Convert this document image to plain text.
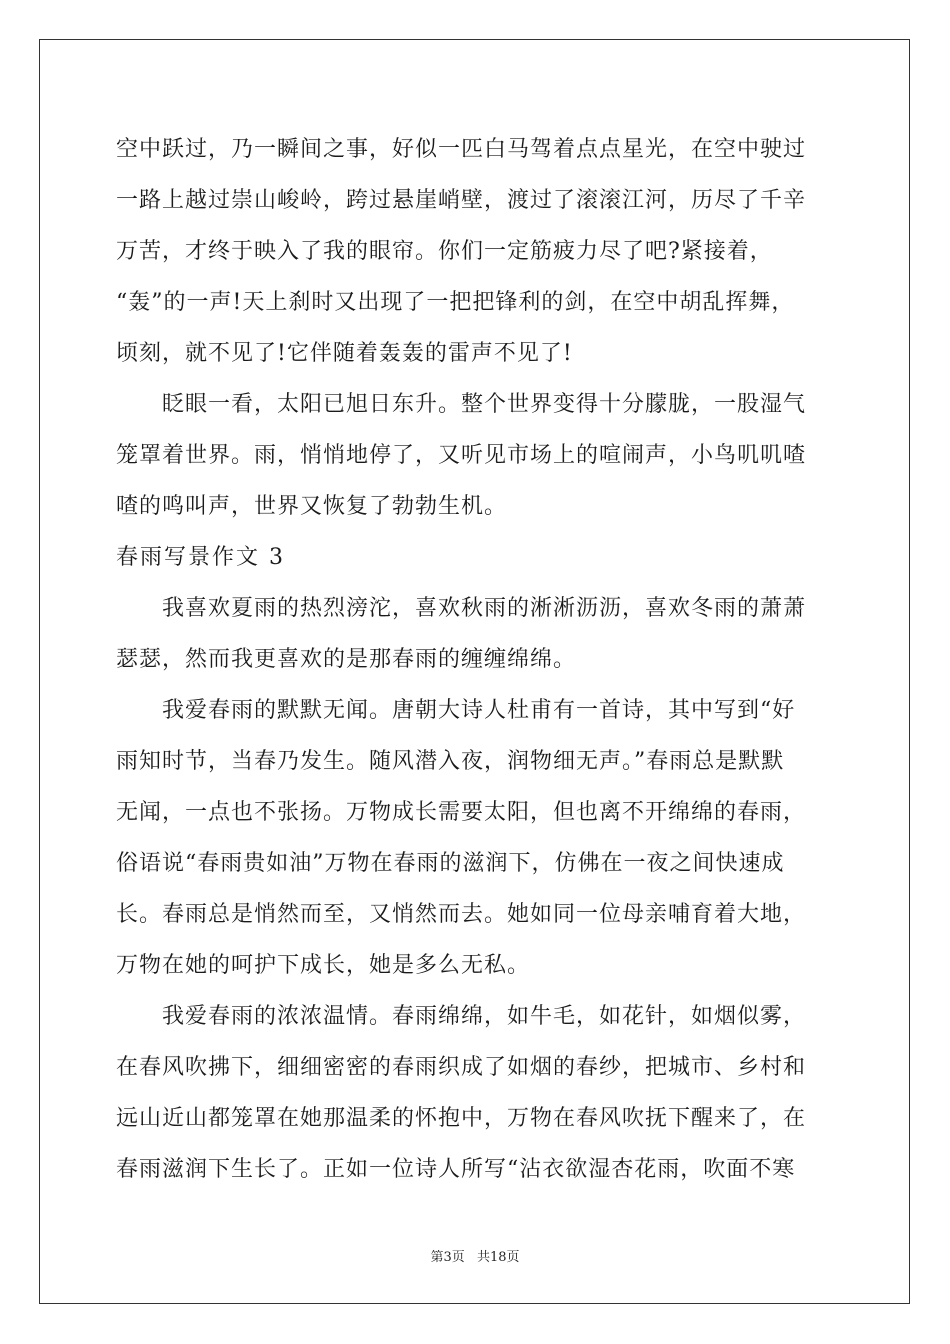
空中跃过，乃一瞬间之事，好似一匹白马驾着点点星光，在空中驶过
一路上越过崇山峻岭，跨过悬崖峭壁，渡过了滚滚江河，历尽了千辛
万苦，才终于映入了我的眼帘。你们一定筋疲力尽了吧?紧接着，
“轰”的一声!天上刹时又出现了一把把锋利的剑，在空中胡乱挥舞，
顷刻，就不见了!它伴随着轰轰的雷声不见了!
眨眼一看，太阳已旭日东升。整个世界变得十分朦胧，一股湿气
笼罩着世界。雨，悄悄地停了，又听见市场上的喧闹声，小鸟叽叽喳
喳的鸣叫声，世界又恢复了勃勃生机。
春雨写景作文 3
我喜欢夏雨的热烈滂沱，喜欢秋雨的淅淅沥沥，喜欢冬雨的萧萧
瑟瑟，然而我更喜欢的是那春雨的缠缠绵绵。
我爱春雨的默默无闻。唐朝大诗人杜甫有一首诗，其中写到“好
雨知时节，当春乃发生。随风潜入夜，润物细无声。”春雨总是默默
无闻，一点也不张扬。万物成长需要太阳，但也离不开绵绵的春雨，
俗语说“春雨贵如油”万物在春雨的滋润下，仿佛在一夜之间快速成
长。春雨总是悄然而至，又悄然而去。她如同一位母亲哺育着大地，
万物在她的呵护下成长，她是多么无私。
我爱春雨的浓浓温情。春雨绵绵，如牛毛，如花针，如烟似雾，
在春风吹拂下，细细密密的春雨织成了如烟的春纱，把城市、乡村和
远山近山都笼罩在她那温柔的怀抱中，万物在春风吹抚下醒来了，在
春雨滋润下生长了。正如一位诗人所写“沾衣欲湿杏花雨，吹面不寒
第3页 共18页
